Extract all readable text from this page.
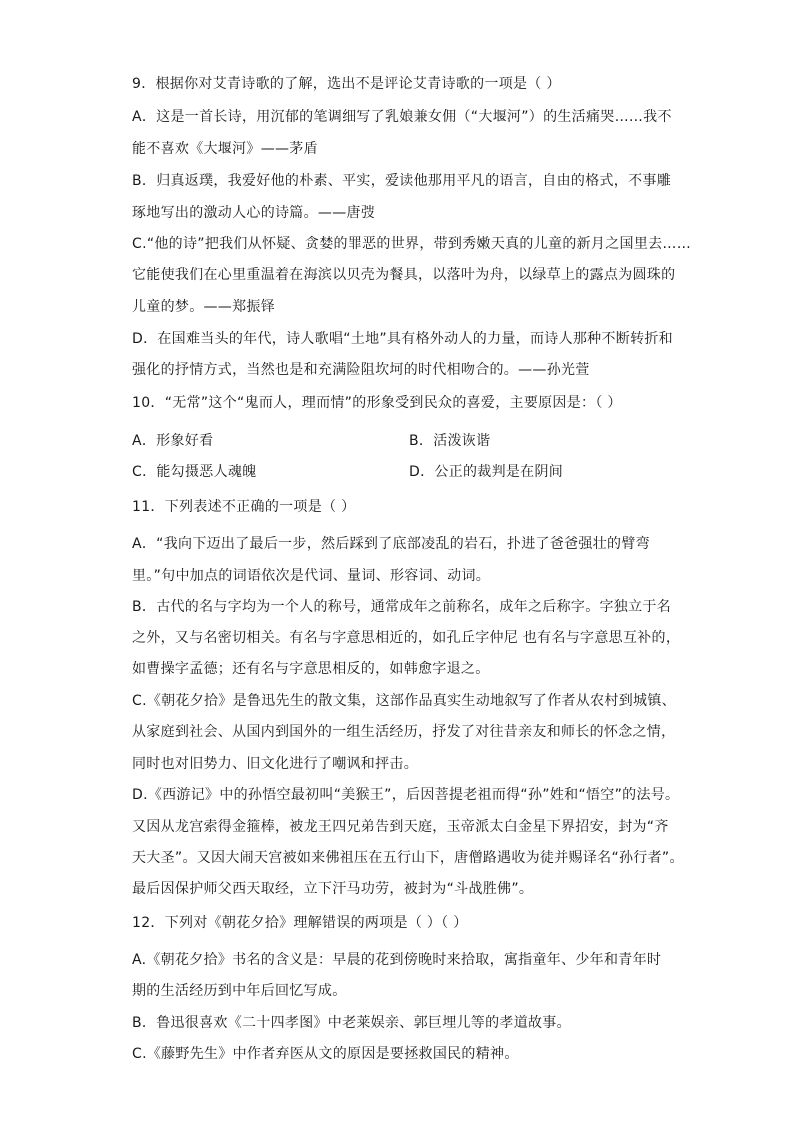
9．根据你对艾青诗歌的了解，选出不是评论艾青诗歌的一项是（ ）
A．这是一首长诗，用沉郁的笔调细写了乳娘兼女佣（“大堰河”）的生活痛哭……我不
能不喜欢《大堰河》——茅盾
B．归真返璞，我爱好他的朴素、平实，爱读他那用平凡的语言，自由的格式，不事雕
琢地写出的激动人心的诗篇。——唐弢
C.“他的诗”把我们从怀疑、贪婪的罪恶的世界，带到秀嫩天真的儿童的新月之国里去……
它能使我们在心里重温着在海滨以贝壳为餐具，以落叶为舟，以绿草上的露点为圆珠的
儿童的梦。——郑振铎
D．在国难当头的年代，诗人歌唱“土地”具有格外动人的力量，而诗人那种不断转折和
强化的抒情方式，当然也是和充满险阻坎坷的时代相吻合的。——孙光萱
10．“无常”这个“鬼而人，理而情”的形象受到民众的喜爱，主要原因是：（ ）
A．形象好看	B．活泼诙谐
C．能勾摄恶人魂魄	D．公正的裁判是在阴间
11．下列表述不正确的一项是（ ）
A．“我向下迈出了最后一步，然后踩到了底部凌乱的岩石，扑进了爸爸强壮的臂弯
里。”句中加点的词语依次是代词、量词、形容词、动词。
B．古代的名与字均为一个人的称号，通常成年之前称名，成年之后称字。字独立于名
之外，又与名密切相关。有名与字意思相近的，如孔丘字仲尼 也有名与字意思互补的，
如曹操字孟德；还有名与字意思相反的，如韩愈字退之。
C.《朝花夕拾》是鲁迅先生的散文集，这部作品真实生动地叙写了作者从农村到城镇、
从家庭到社会、从国内到国外的一组生活经历，抒发了对往昔亲友和师长的怀念之情，
同时也对旧势力、旧文化进行了嘲讽和抨击。
D.《西游记》中的孙悟空最初叫“美猴王”，后因菩提老祖而得“孙”姓和“悟空”的法号。
又因从龙宫索得金箍棒，被龙王四兄弟告到天庭，玉帝派太白金星下界招安，封为“齐
天大圣”。又因大闹天宫被如来佛祖压在五行山下，唐僧路遇收为徒并赐译名“孙行者”。
最后因保护师父西天取经，立下汗马功劳，被封为“斗战胜佛”。
12．下列对《朝花夕拾》理解错误的两项是（ ）（ ）
A.《朝花夕拾》书名的含义是：早晨的花到傍晚时来拾取，寓指童年、少年和青年时
期的生活经历到中年后回忆写成。
B．鲁迅很喜欢《二十四孝图》中老莱娱亲、郭巨埋儿等的孝道故事。
C.《藤野先生》中作者弃医从文的原因是要拯救国民的精神。
